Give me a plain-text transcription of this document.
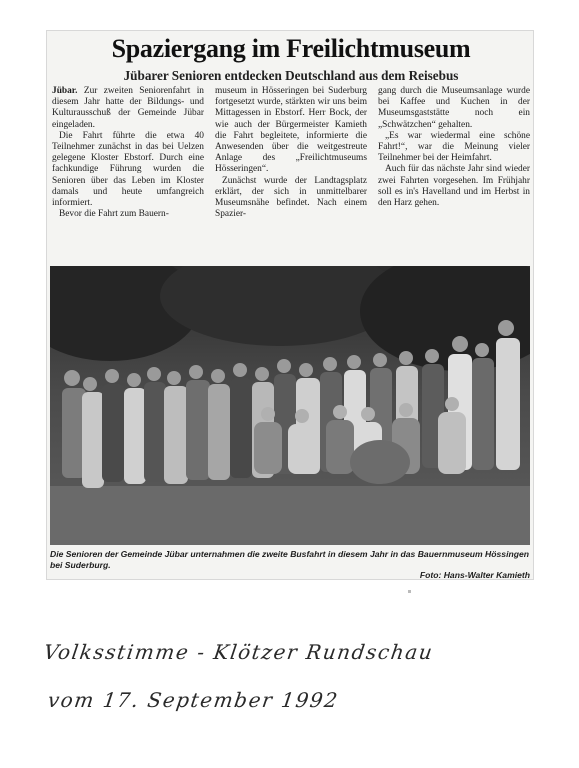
Spaziergang im Freilichtmuseum
Jübarer Senioren entdecken Deutschland aus dem Reisebus

Jübar. Zur zweiten Seniorenfahrt in diesem Jahr hatte der Bildungs- und Kulturausschuß der Gemeinde Jübar eingeladen.

Die Fahrt führte die etwa 40 Teilnehmer zunächst in das bei Uelzen gelegene Kloster Ebstorf. Durch eine fachkundige Führung wurden die Senioren über das Leben im Kloster damals und heute umfangreich informiert.

Bevor die Fahrt zum Bauern-

museum in Hösseringen bei Suderburg fortgesetzt wurde, stärkten wir uns beim Mittagessen in Ebstorf. Herr Bock, der wie auch der Bürgermeister Kamieth die Fahrt begleitete, informierte die Anwesenden über die weitgestreute Anlage des „Freilichtmuseums Hösseringen“.

Zunächst wurde der Landtagsplatz erklärt, der sich in unmittelbarer Museumsnähe befindet. Nach einem Spazier-

gang durch die Museumsanlage wurde bei Kaffee und Kuchen in der Museumsgaststätte noch ein „Schwätzchen“ gehalten.

„Es war wiedermal eine schöne Fahrt!“, war die Meinung vieler Teilnehmer bei der Heimfahrt.

Auch für das nächste Jahr sind wieder zwei Fahrten vorgesehen. Im Frühjahr soll es in's Havelland und im Herbst in den Harz gehen.

Die Senioren der Gemeinde Jübar unternahmen die zweite Busfahrt in diesem Jahr in das Bauernmuseum Hössingen bei Suderburg.
Foto: Hans-Walter Kamieth
Volksstimme - Klötzer Rundschau
vom 17. September 1992
